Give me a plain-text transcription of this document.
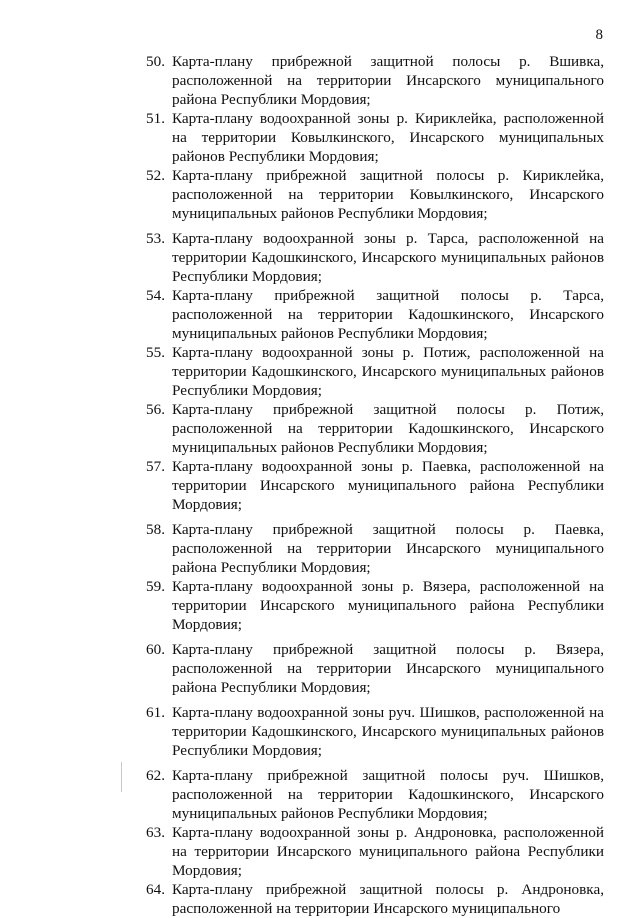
8
50. Карта-плану прибрежной защитной полосы р. Вшивка, расположенной на территории Инсарского муниципального района Республики Мордовия;
51. Карта-плану водоохранной зоны р. Кириклейка, расположенной на территории Ковылкинского, Инсарского муниципальных районов Республики Мордовия;
52. Карта-плану прибрежной защитной полосы р. Кириклейка, расположенной на территории Ковылкинского, Инсарского муниципальных районов Республики Мордовия;
53. Карта-плану водоохранной зоны р. Тарса, расположенной на территории Кадошкинского, Инсарского муниципальных районов Республики Мордовия;
54. Карта-плану прибрежной защитной полосы р. Тарса, расположенной на территории Кадошкинского, Инсарского муниципальных районов Республики Мордовия;
55. Карта-плану водоохранной зоны р. Потиж, расположенной на территории Кадошкинского, Инсарского муниципальных районов Республики Мордовия;
56. Карта-плану прибрежной защитной полосы р. Потиж, расположенной на территории Кадошкинского, Инсарского муниципальных районов Республики Мордовия;
57. Карта-плану водоохранной зоны р. Паевка, расположенной на территории Инсарского муниципального района Республики Мордовия;
58. Карта-плану прибрежной защитной полосы р. Паевка, расположенной на территории Инсарского муниципального района Республики Мордовия;
59. Карта-плану водоохранной зоны р. Вязера, расположенной на территории Инсарского муниципального района Республики Мордовия;
60. Карта-плану прибрежной защитной полосы р. Вязера, расположенной на территории Инсарского муниципального района Республики Мордовия;
61. Карта-плану водоохранной зоны руч. Шишков, расположенной на территории Кадошкинского, Инсарского муниципальных районов Республики Мордовия;
62. Карта-плану прибрежной защитной полосы руч. Шишков, расположенной на территории Кадошкинского, Инсарского муниципальных районов Республики Мордовия;
63. Карта-плану водоохранной зоны р. Андроновка, расположенной на территории Инсарского муниципального района Республики Мордовия;
64. Карта-плану прибрежной защитной полосы р. Андроновка, расположенной на территории Инсарского муниципального
